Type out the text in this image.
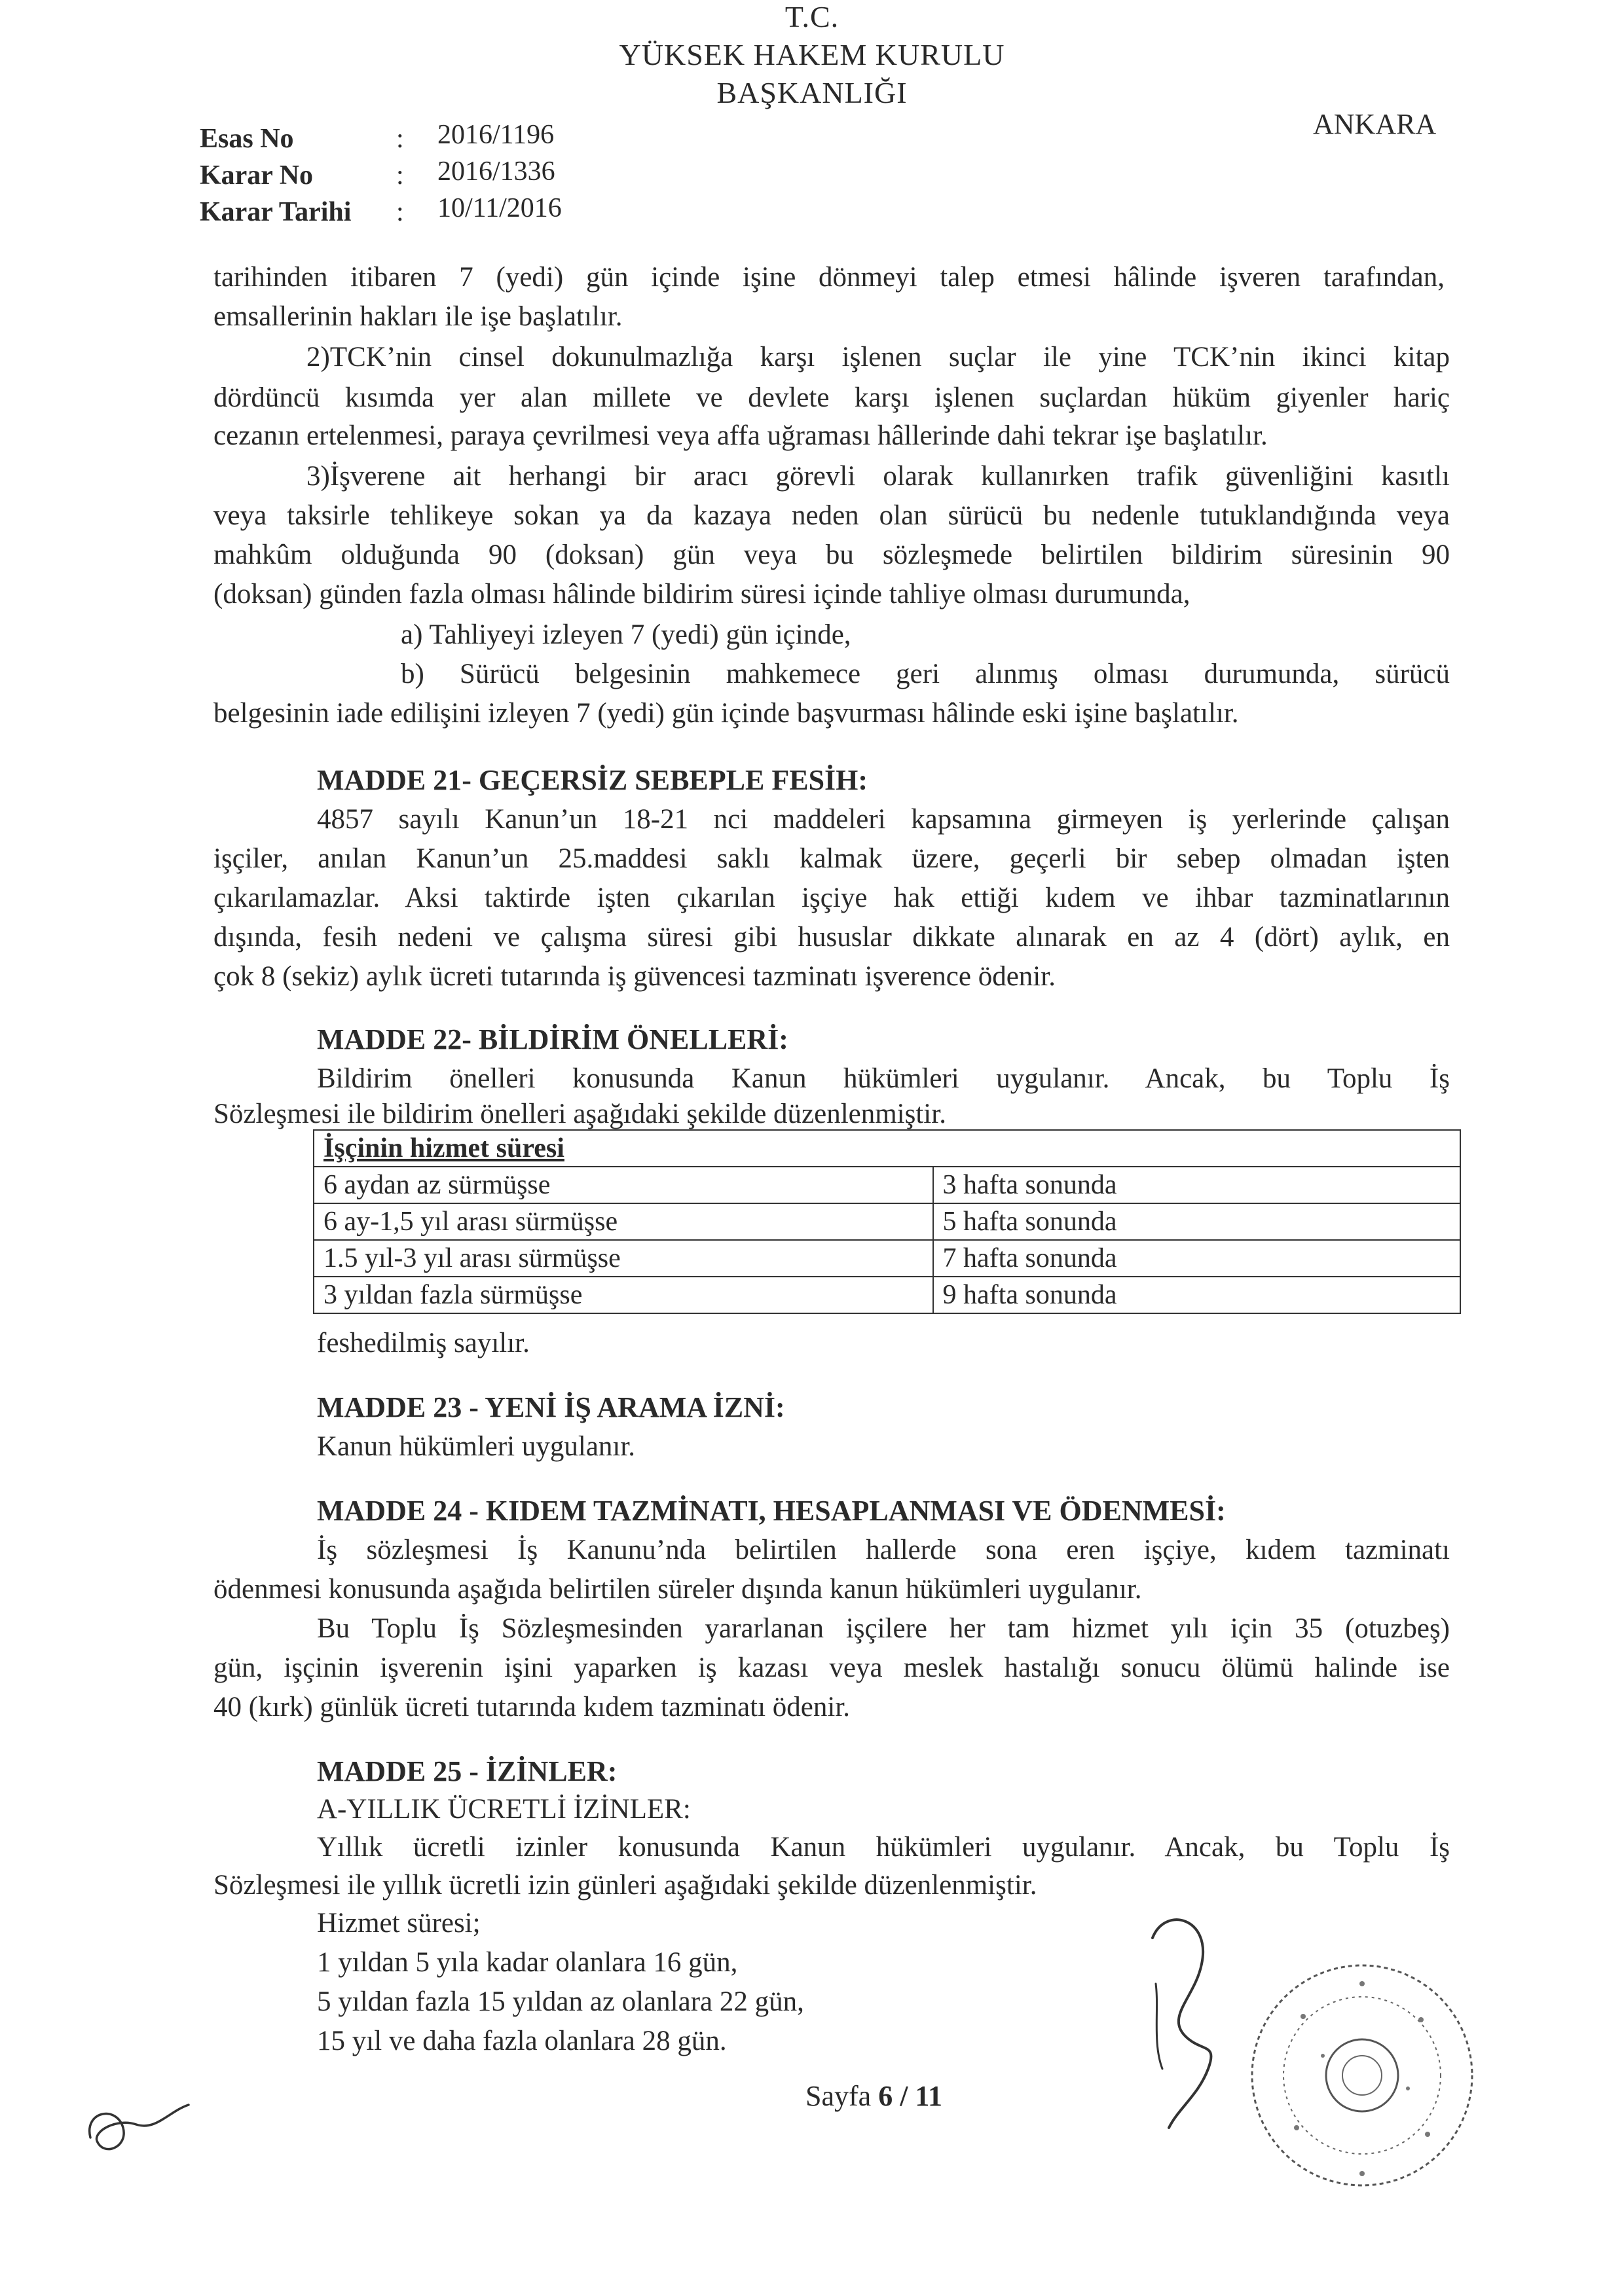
T.C.
YÜKSEK HAKEM KURULU
BAŞKANLIĞI
ANKARA
Esas No	: 2016/1196
Karar No	: 2016/1336
Karar Tarihi : 10/11/2016
tarihinden itibaren 7 (yedi) gün içinde işine dönmeyi talep etmesi hâlinde işveren tarafından,
emsallerinin hakları ile işe başlatılır.
2)TCK’nin cinsel dokunulmazlığa karşı işlenen suçlar ile yine TCK’nin ikinci kitap
dördüncü kısımda yer alan millete ve devlete karşı işlenen suçlardan hüküm giyenler hariç
cezanın ertelenmesi, paraya çevrilmesi veya affa uğraması hâllerinde dahi tekrar işe başlatılır.
3)İşverene ait herhangi bir aracı görevli olarak kullanırken trafik güvenliğini kasıtlı
veya taksirle tehlikeye sokan ya da kazaya neden olan sürücü bu nedenle tutuklandığında veya
mahkûm olduğunda 90 (doksan) gün veya bu sözleşmede belirtilen bildirim süresinin 90
(doksan) günden fazla olması hâlinde bildirim süresi içinde tahliye olması durumunda,
a) Tahliyeyi izleyen 7 (yedi) gün içinde,
b) Sürücü belgesinin mahkemece geri alınmış olması durumunda, sürücü
belgesinin iade edilişini izleyen 7 (yedi) gün içinde başvurması hâlinde eski işine başlatılır.
MADDE 21- GEÇERSİZ SEBEPLE FESİH:
4857 sayılı Kanun’un 18-21 nci maddeleri kapsamına girmeyen iş yerlerinde çalışan
işçiler, anılan Kanun’un 25.maddesi saklı kalmak üzere, geçerli bir sebep olmadan işten
çıkarılamazlar. Aksi taktirde işten çıkarılan işçiye hak ettiği kıdem ve ihbar tazminatlarının
dışında, fesih nedeni ve çalışma süresi gibi hususlar dikkate alınarak en az 4 (dört) aylık, en
çok 8 (sekiz) aylık ücreti tutarında iş güvencesi tazminatı işverence ödenir.
MADDE 22- BİLDİRİM ÖNELLERİ:
Bildirim önelleri konusunda Kanun hükümleri uygulanır. Ancak, bu Toplu İş
Sözleşmesi ile bildirim önelleri aşağıdaki şekilde düzenlenmiştir.
İşçinin hizmet süresi	
6 aydan az sürmüşse	3 hafta sonunda
6 ay-1,5 yıl arası sürmüşse	5 hafta sonunda
1.5 yıl-3 yıl arası sürmüşse	7 hafta sonunda
3 yıldan fazla sürmüşse	9 hafta sonunda
feshedilmiş sayılır.
MADDE 23 - YENİ İŞ ARAMA İZNİ:
Kanun hükümleri uygulanır.
MADDE 24 - KIDEM TAZMİNATI, HESAPLANMASI VE ÖDENMESİ:
İş sözleşmesi İş Kanunu’nda belirtilen hallerde sona eren işçiye, kıdem tazminatı
ödenmesi konusunda aşağıda belirtilen süreler dışında kanun hükümleri uygulanır.
Bu Toplu İş Sözleşmesinden yararlanan işçilere her tam hizmet yılı için 35 (otuzbeş)
gün, işçinin işverenin işini yaparken iş kazası veya meslek hastalığı sonucu ölümü halinde ise
40 (kırk) günlük ücreti tutarında kıdem tazminatı ödenir.
MADDE 25 - İZİNLER:
A-YILLIK ÜCRETLİ İZİNLER:
Yıllık ücretli izinler konusunda Kanun hükümleri uygulanır. Ancak, bu Toplu İş
Sözleşmesi ile yıllık ücretli izin günleri aşağıdaki şekilde düzenlenmiştir.
Hizmet süresi;
1 yıldan 5 yıla kadar olanlara 16 gün,
5 yıldan fazla 15 yıldan az olanlara 22 gün,
15 yıl ve daha fazla olanlara 28 gün.
Sayfa 6 / 11
